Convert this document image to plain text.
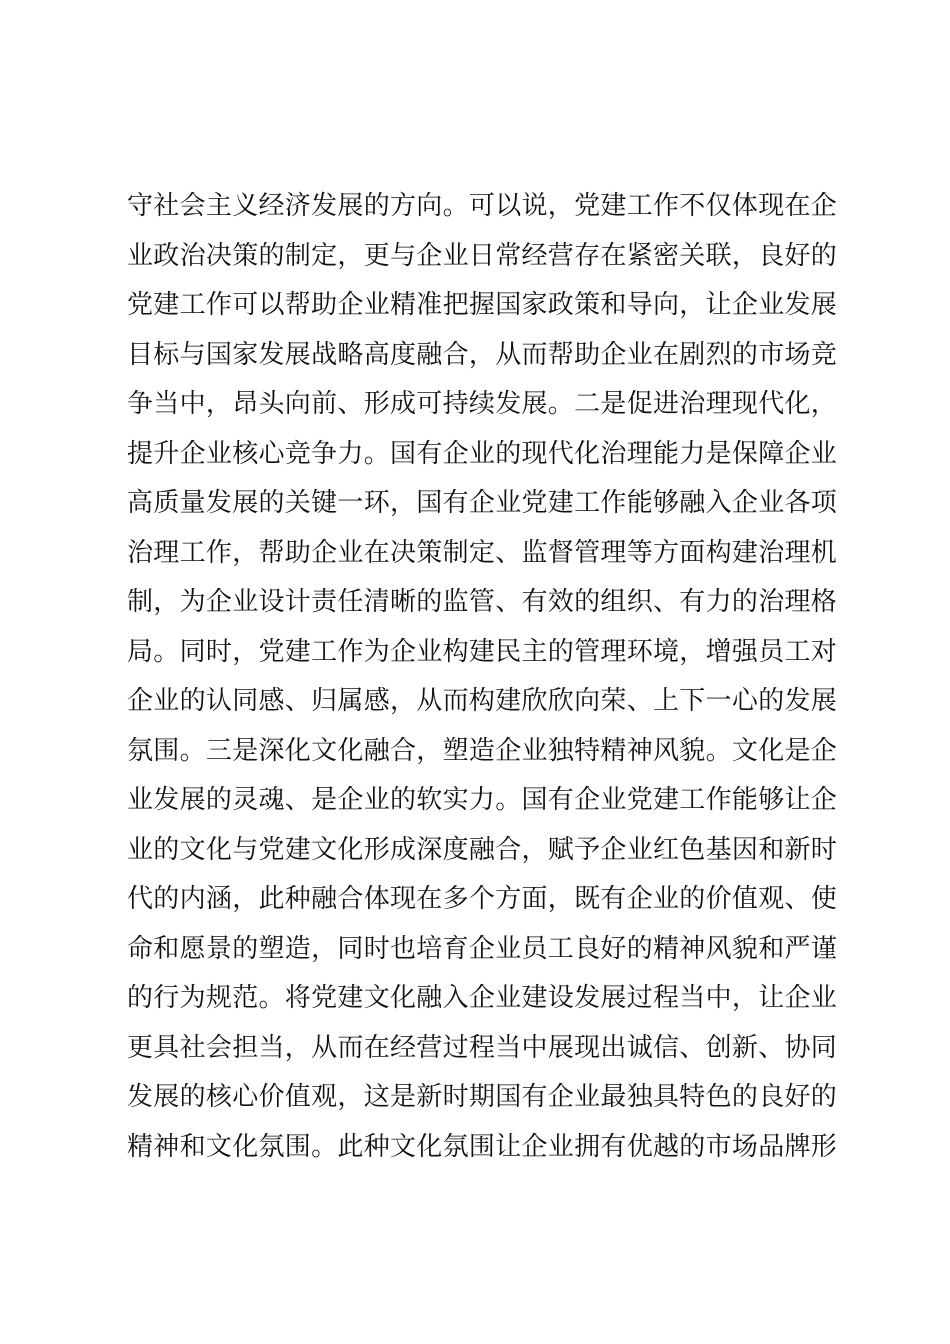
守社会主义经济发展的方向。可以说，党建工作不仅体现在企
业政治决策的制定，更与企业日常经营存在紧密关联，良好的
党建工作可以帮助企业精准把握国家政策和导向，让企业发展
目标与国家发展战略高度融合，从而帮助企业在剧烈的市场竞
争当中，昂头向前、形成可持续发展。二是促进治理现代化，
提升企业核心竞争力。国有企业的现代化治理能力是保障企业
高质量发展的关键一环，国有企业党建工作能够融入企业各项
治理工作，帮助企业在决策制定、监督管理等方面构建治理机
制，为企业设计责任清晰的监管、有效的组织、有力的治理格
局。同时，党建工作为企业构建民主的管理环境，增强员工对
企业的认同感、归属感，从而构建欣欣向荣、上下一心的发展
氛围。三是深化文化融合，塑造企业独特精神风貌。文化是企
业发展的灵魂、是企业的软实力。国有企业党建工作能够让企
业的文化与党建文化形成深度融合，赋予企业红色基因和新时
代的内涵，此种融合体现在多个方面，既有企业的价值观、使
命和愿景的塑造，同时也培育企业员工良好的精神风貌和严谨
的行为规范。将党建文化融入企业建设发展过程当中，让企业
更具社会担当，从而在经营过程当中展现出诚信、创新、协同
发展的核心价值观，这是新时期国有企业最独具特色的良好的
精神和文化氛围。此种文化氛围让企业拥有优越的市场品牌形
